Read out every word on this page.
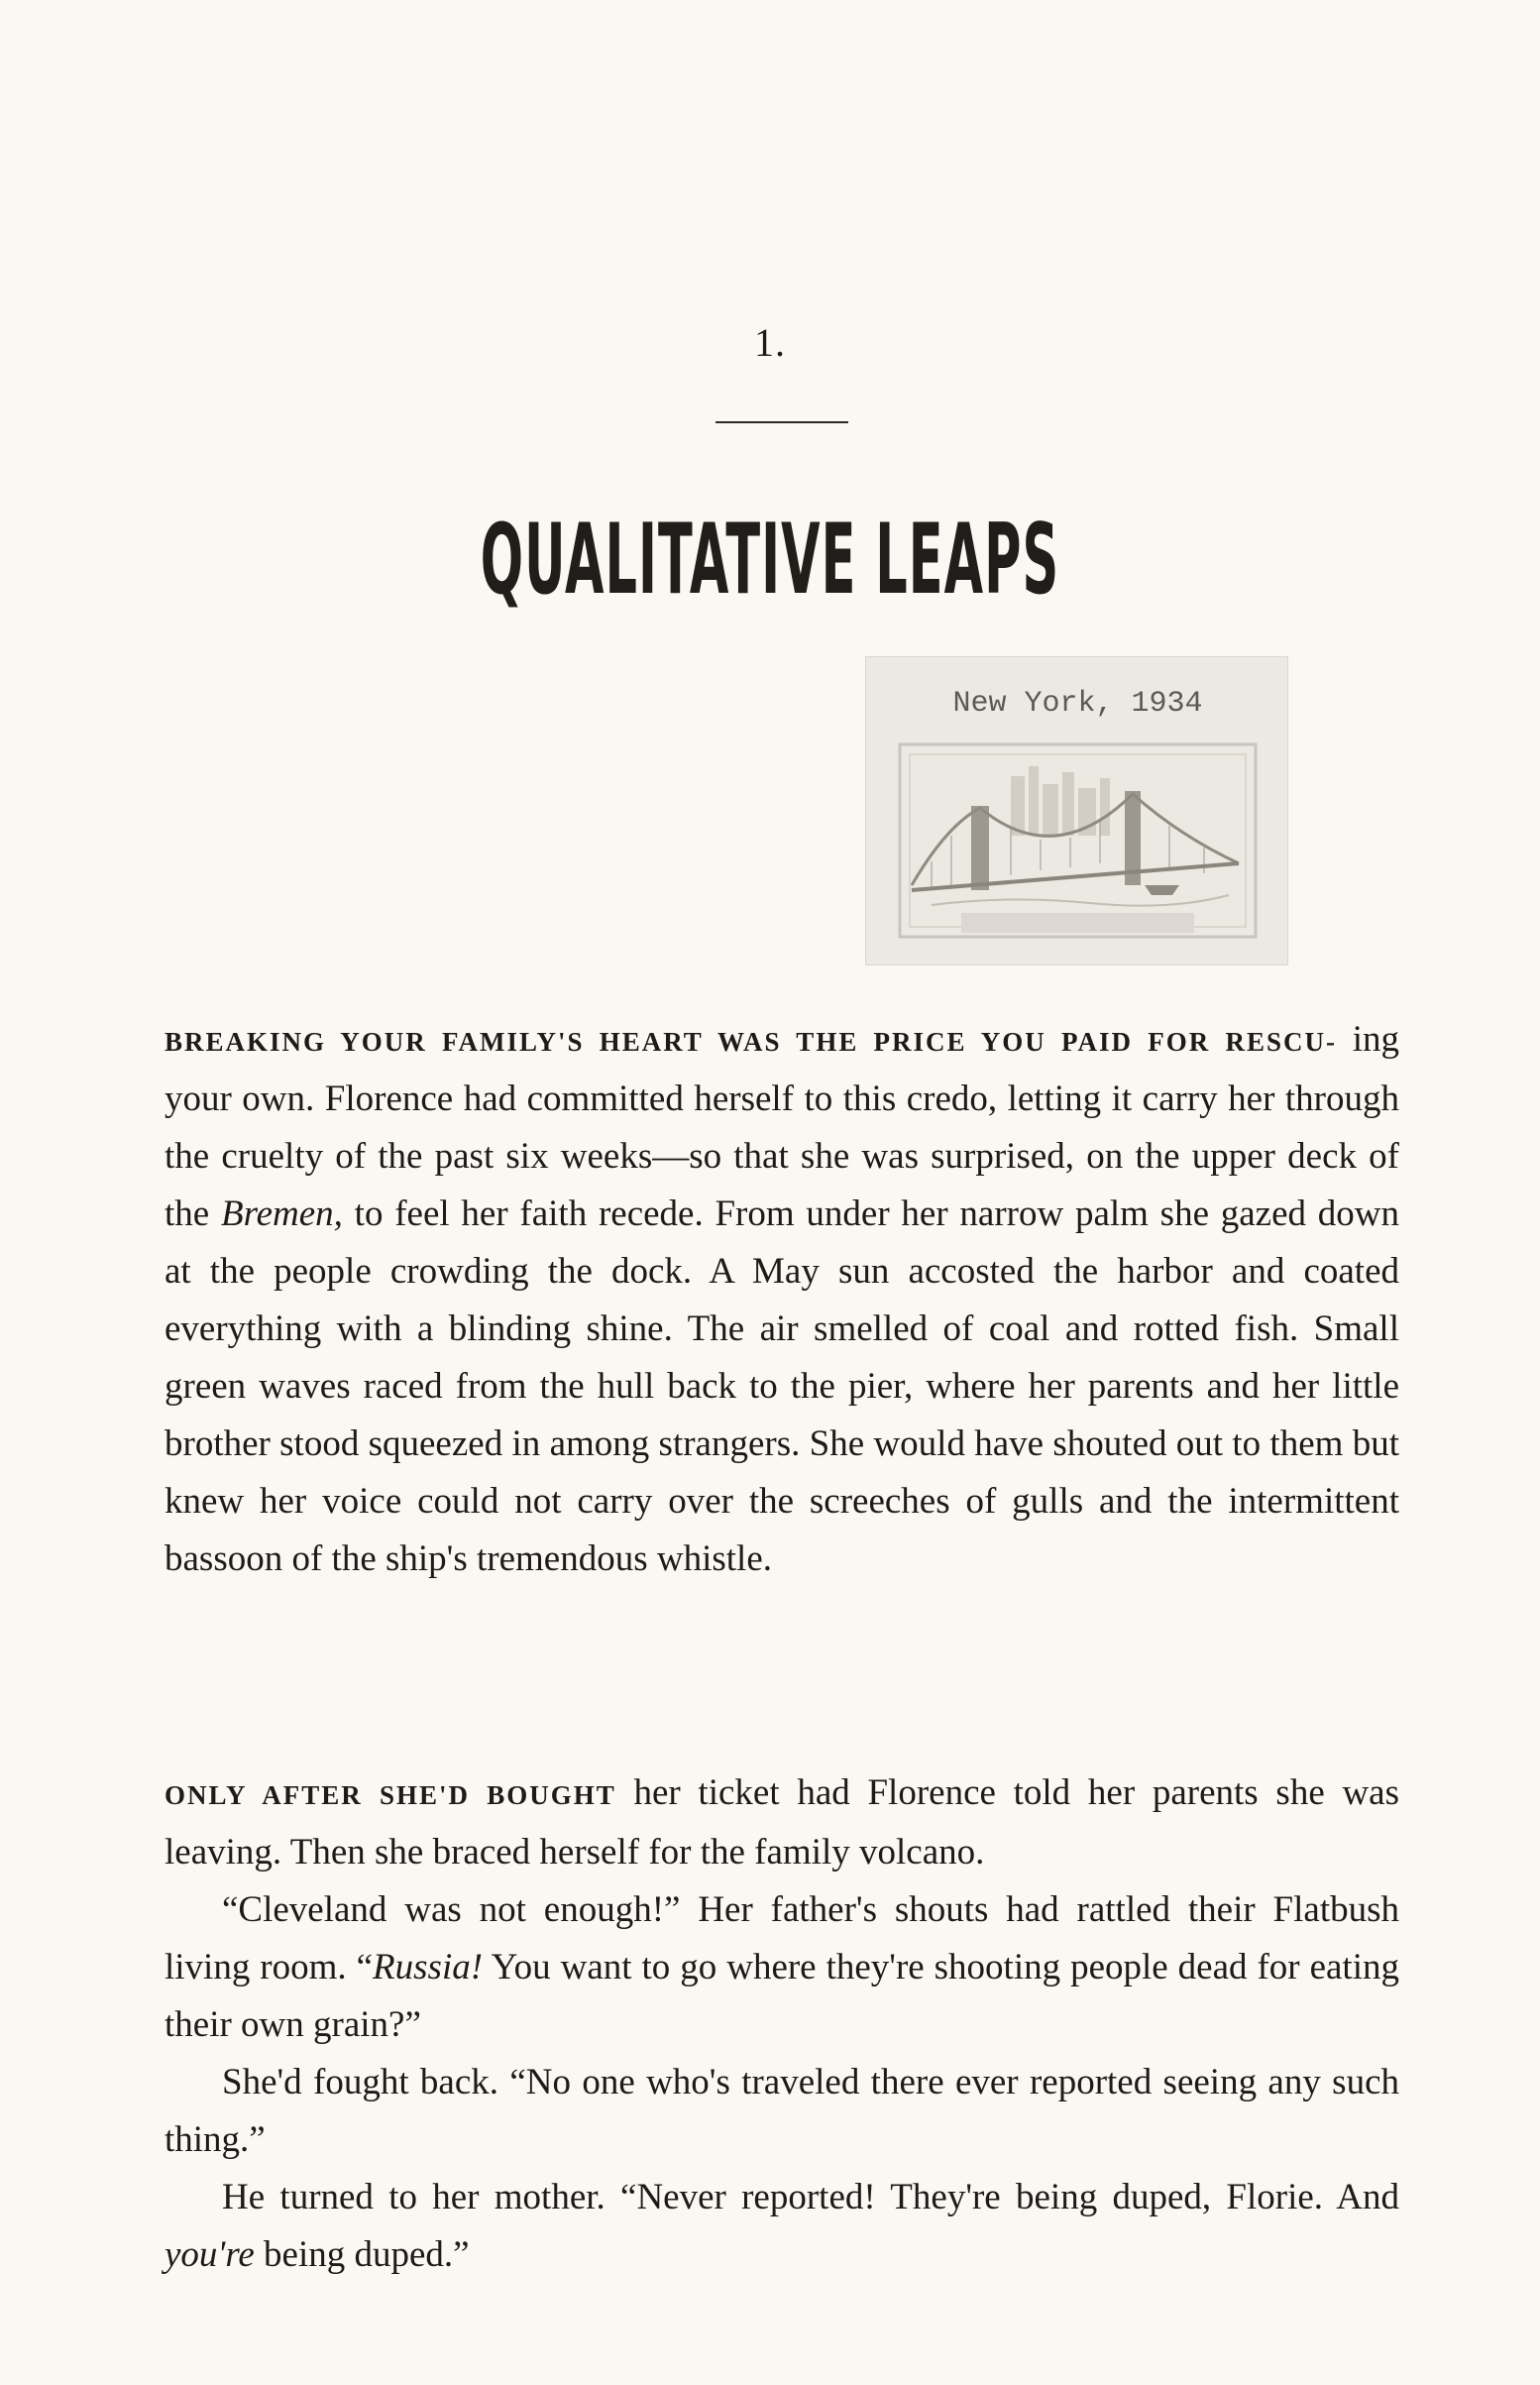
1.
QUALITATIVE LEAPS
New York, 1934

BREAKING YOUR FAMILY'S HEART WAS THE PRICE YOU PAID FOR RESCU- ing your own. Florence had committed herself to this credo, letting it carry her through the cruelty of the past six weeks—so that she was surprised, on the upper deck of the Bremen, to feel her faith recede. From under her narrow palm she gazed down at the people crowding the dock. A May sun accosted the harbor and coated everything with a blinding shine. The air smelled of coal and rotted fish. Small green waves raced from the hull back to the pier, where her parents and her little brother stood squeezed in among strangers. She would have shouted out to them but knew her voice could not carry over the screeches of gulls and the intermittent bassoon of the ship's tremendous whistle.

ONLY AFTER SHE'D BOUGHT her ticket had Florence told her parents she was leaving. Then she braced herself for the family volcano.

“Cleveland was not enough!” Her father's shouts had rattled their Flatbush living room. “Russia! You want to go where they're shooting people dead for eating their own grain?”

She'd fought back. “No one who's traveled there ever reported seeing any such thing.”

He turned to her mother. “Never reported! They're being duped, Florie. And you're being duped.”
